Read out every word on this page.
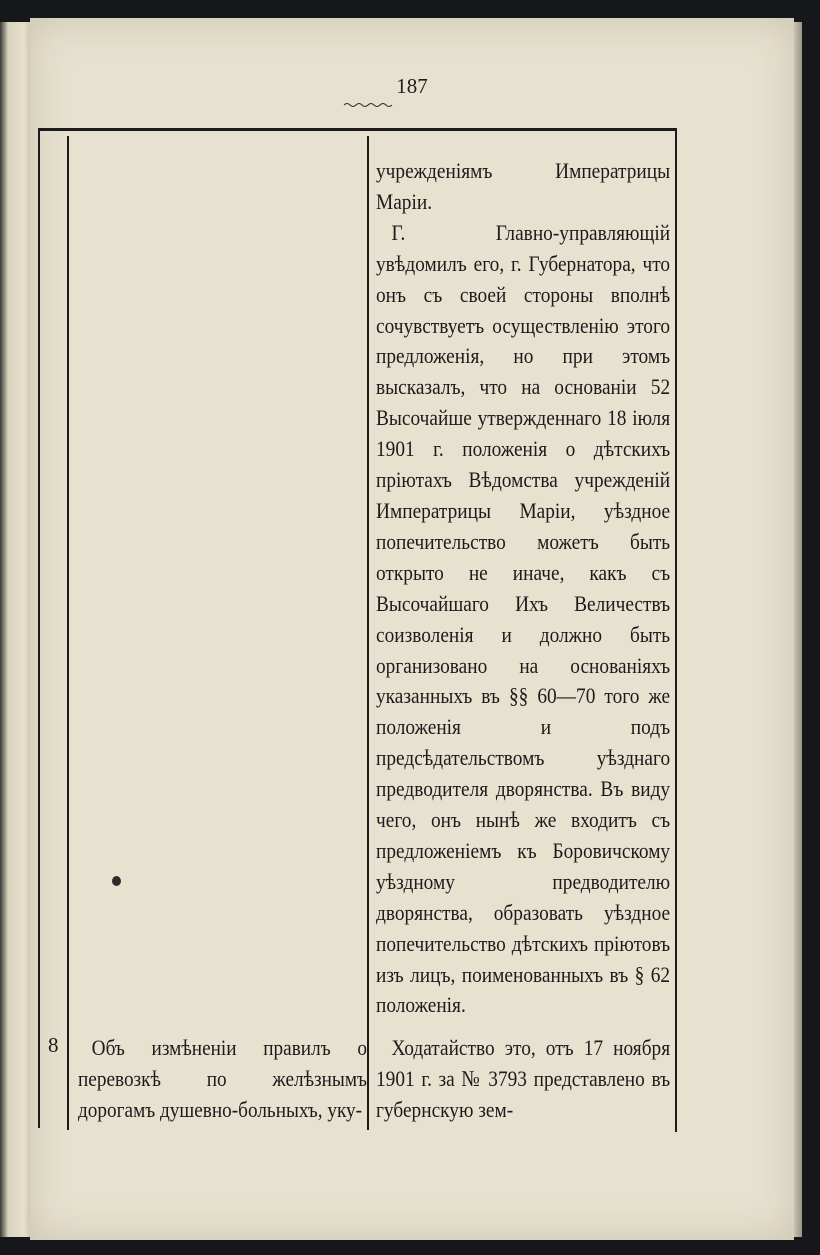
187

учрежденіямъ Императрицы Маріи.

Г. Главно-управляющій увѣдомилъ его, г. Губернатора, что онъ съ своей стороны вполнѣ сочувствуетъ осуществленію этого предложенія, но при этомъ высказалъ, что на основаніи 52 Высочайше утвержденнаго 18 іюля 1901 г. положенія о дѣтскихъ пріютахъ Вѣдомства учрежденій Императрицы Маріи, уѣздное попечительство можетъ быть открыто не иначе, какъ съ Высочайшаго Ихъ Величествъ соизволенія и должно быть организовано на основаніяхъ указанныхъ въ §§ 60—70 того же положенія и подъ предсѣдательствомъ уѣзднаго предводителя дворянства. Въ виду чего, онъ нынѣ же входитъ съ предложеніемъ къ Боровичскому уѣздному предводителю дворянства, образовать уѣздное попечительство дѣтскихъ пріютовъ изъ лицъ, поименованныхъ въ § 62 положенія.

8	Объ измѣненіи правилъ о перевозкѣ по желѣзнымъ дорогамъ душевно-больныхъ, уку-
Ходатайство это, отъ 17 ноября 1901 г. за № 3793 представлено въ губернскую зем-
